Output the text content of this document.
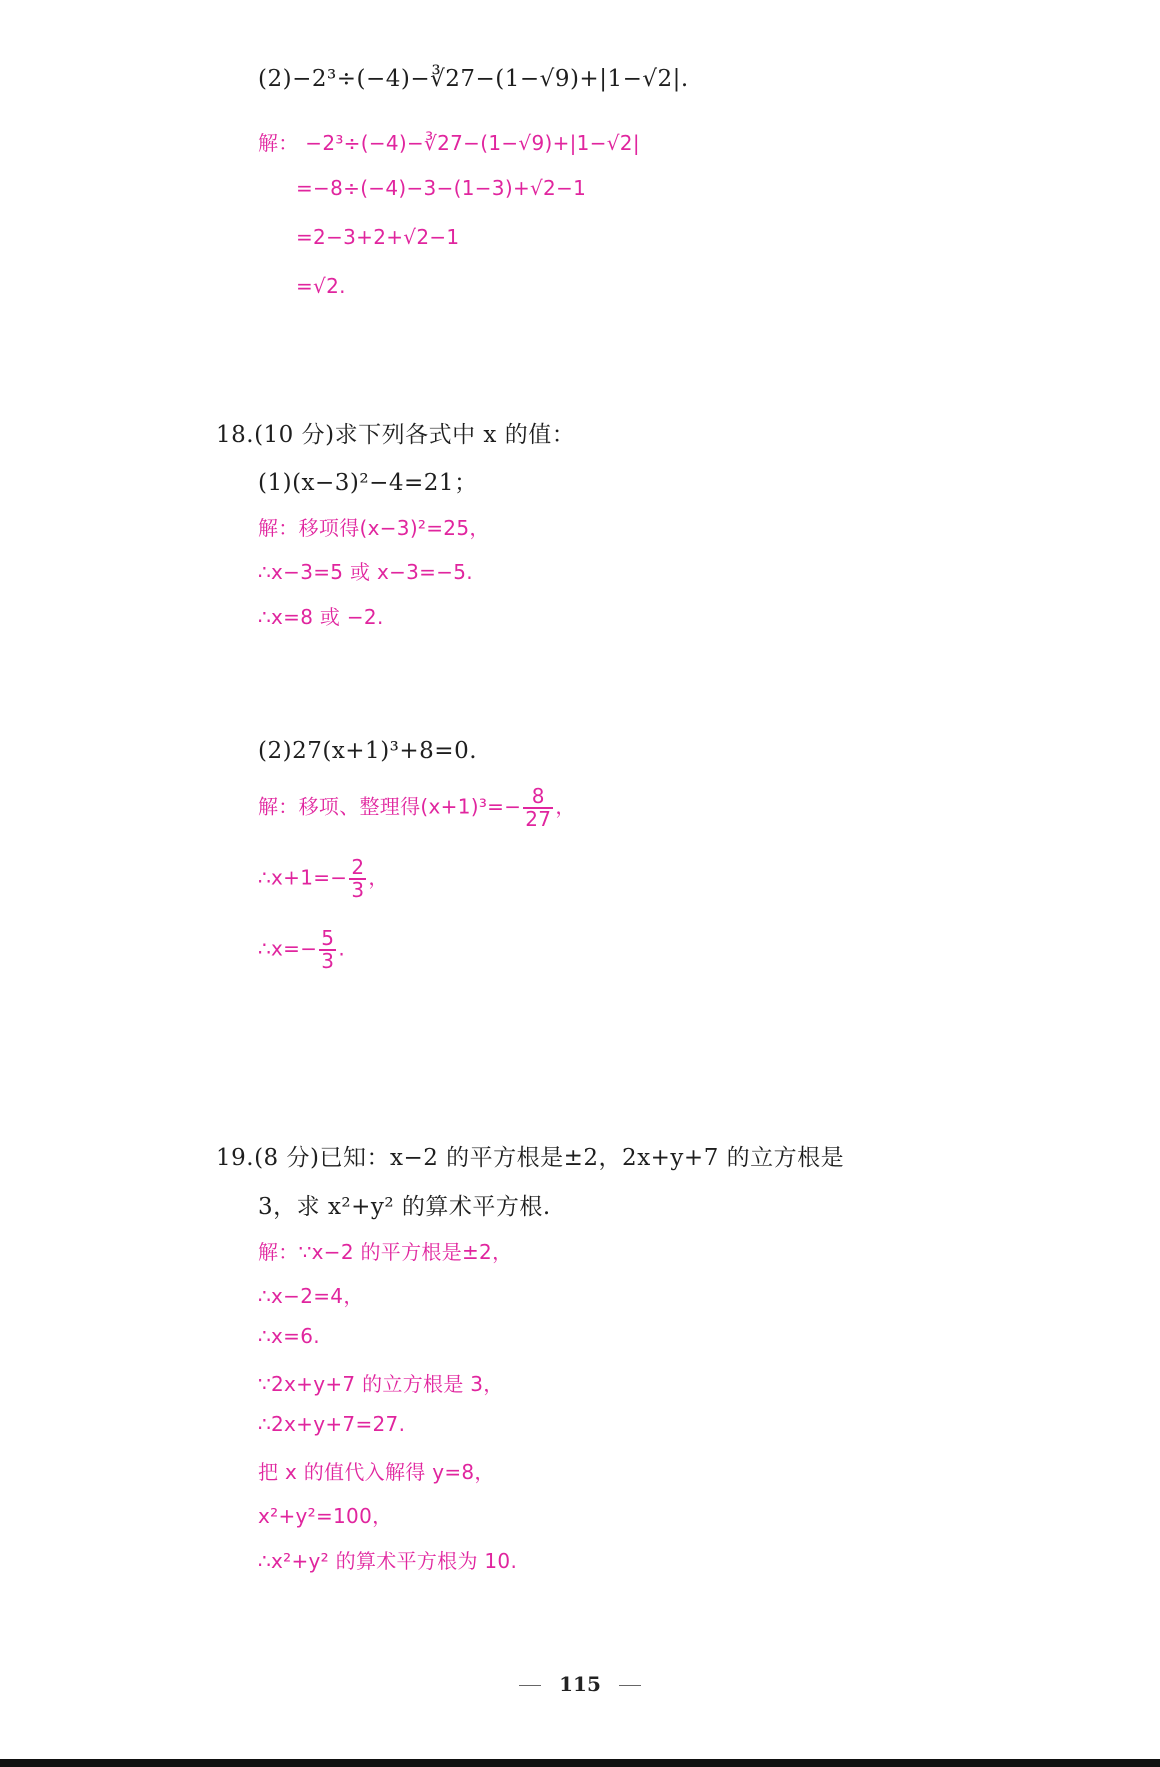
(2)−2³÷(−4)−∛27−(1−√9)+|1−√2|.
解： −2³÷(−4)−∛27−(1−√9)+|1−√2|
=−8÷(−4)−3−(1−3)+√2−1
=2−3+2+√2−1
=√2.
18.(10 分)求下列各式中 x 的值：
(1)(x−3)²−4=21；
解：移项得(x−3)²=25，
∴x−3=5 或 x−3=−5.
∴x=8 或 −2.
(2)27(x+1)³+8=0.
解：移项、整理得$(x+1)^3=- \frac{8}{27}$ ，
∴x+1=− $\frac{2}{3}$ ，
∴x=− $\frac{5}{3}$ .
19.(8 分)已知：x−2 的平方根是±2，2x+y+7 的立方根是
3，求 x²+y² 的算术平方根.
解：∵x−2 的平方根是±2，
∴x−2=4，
∴x=6.
∵2x+y+7 的立方根是 3，
∴2x+y+7=27.
把 x 的值代入解得 y=8，
x²+y²=100，
∴x²+y² 的算术平方根为 10.
115
